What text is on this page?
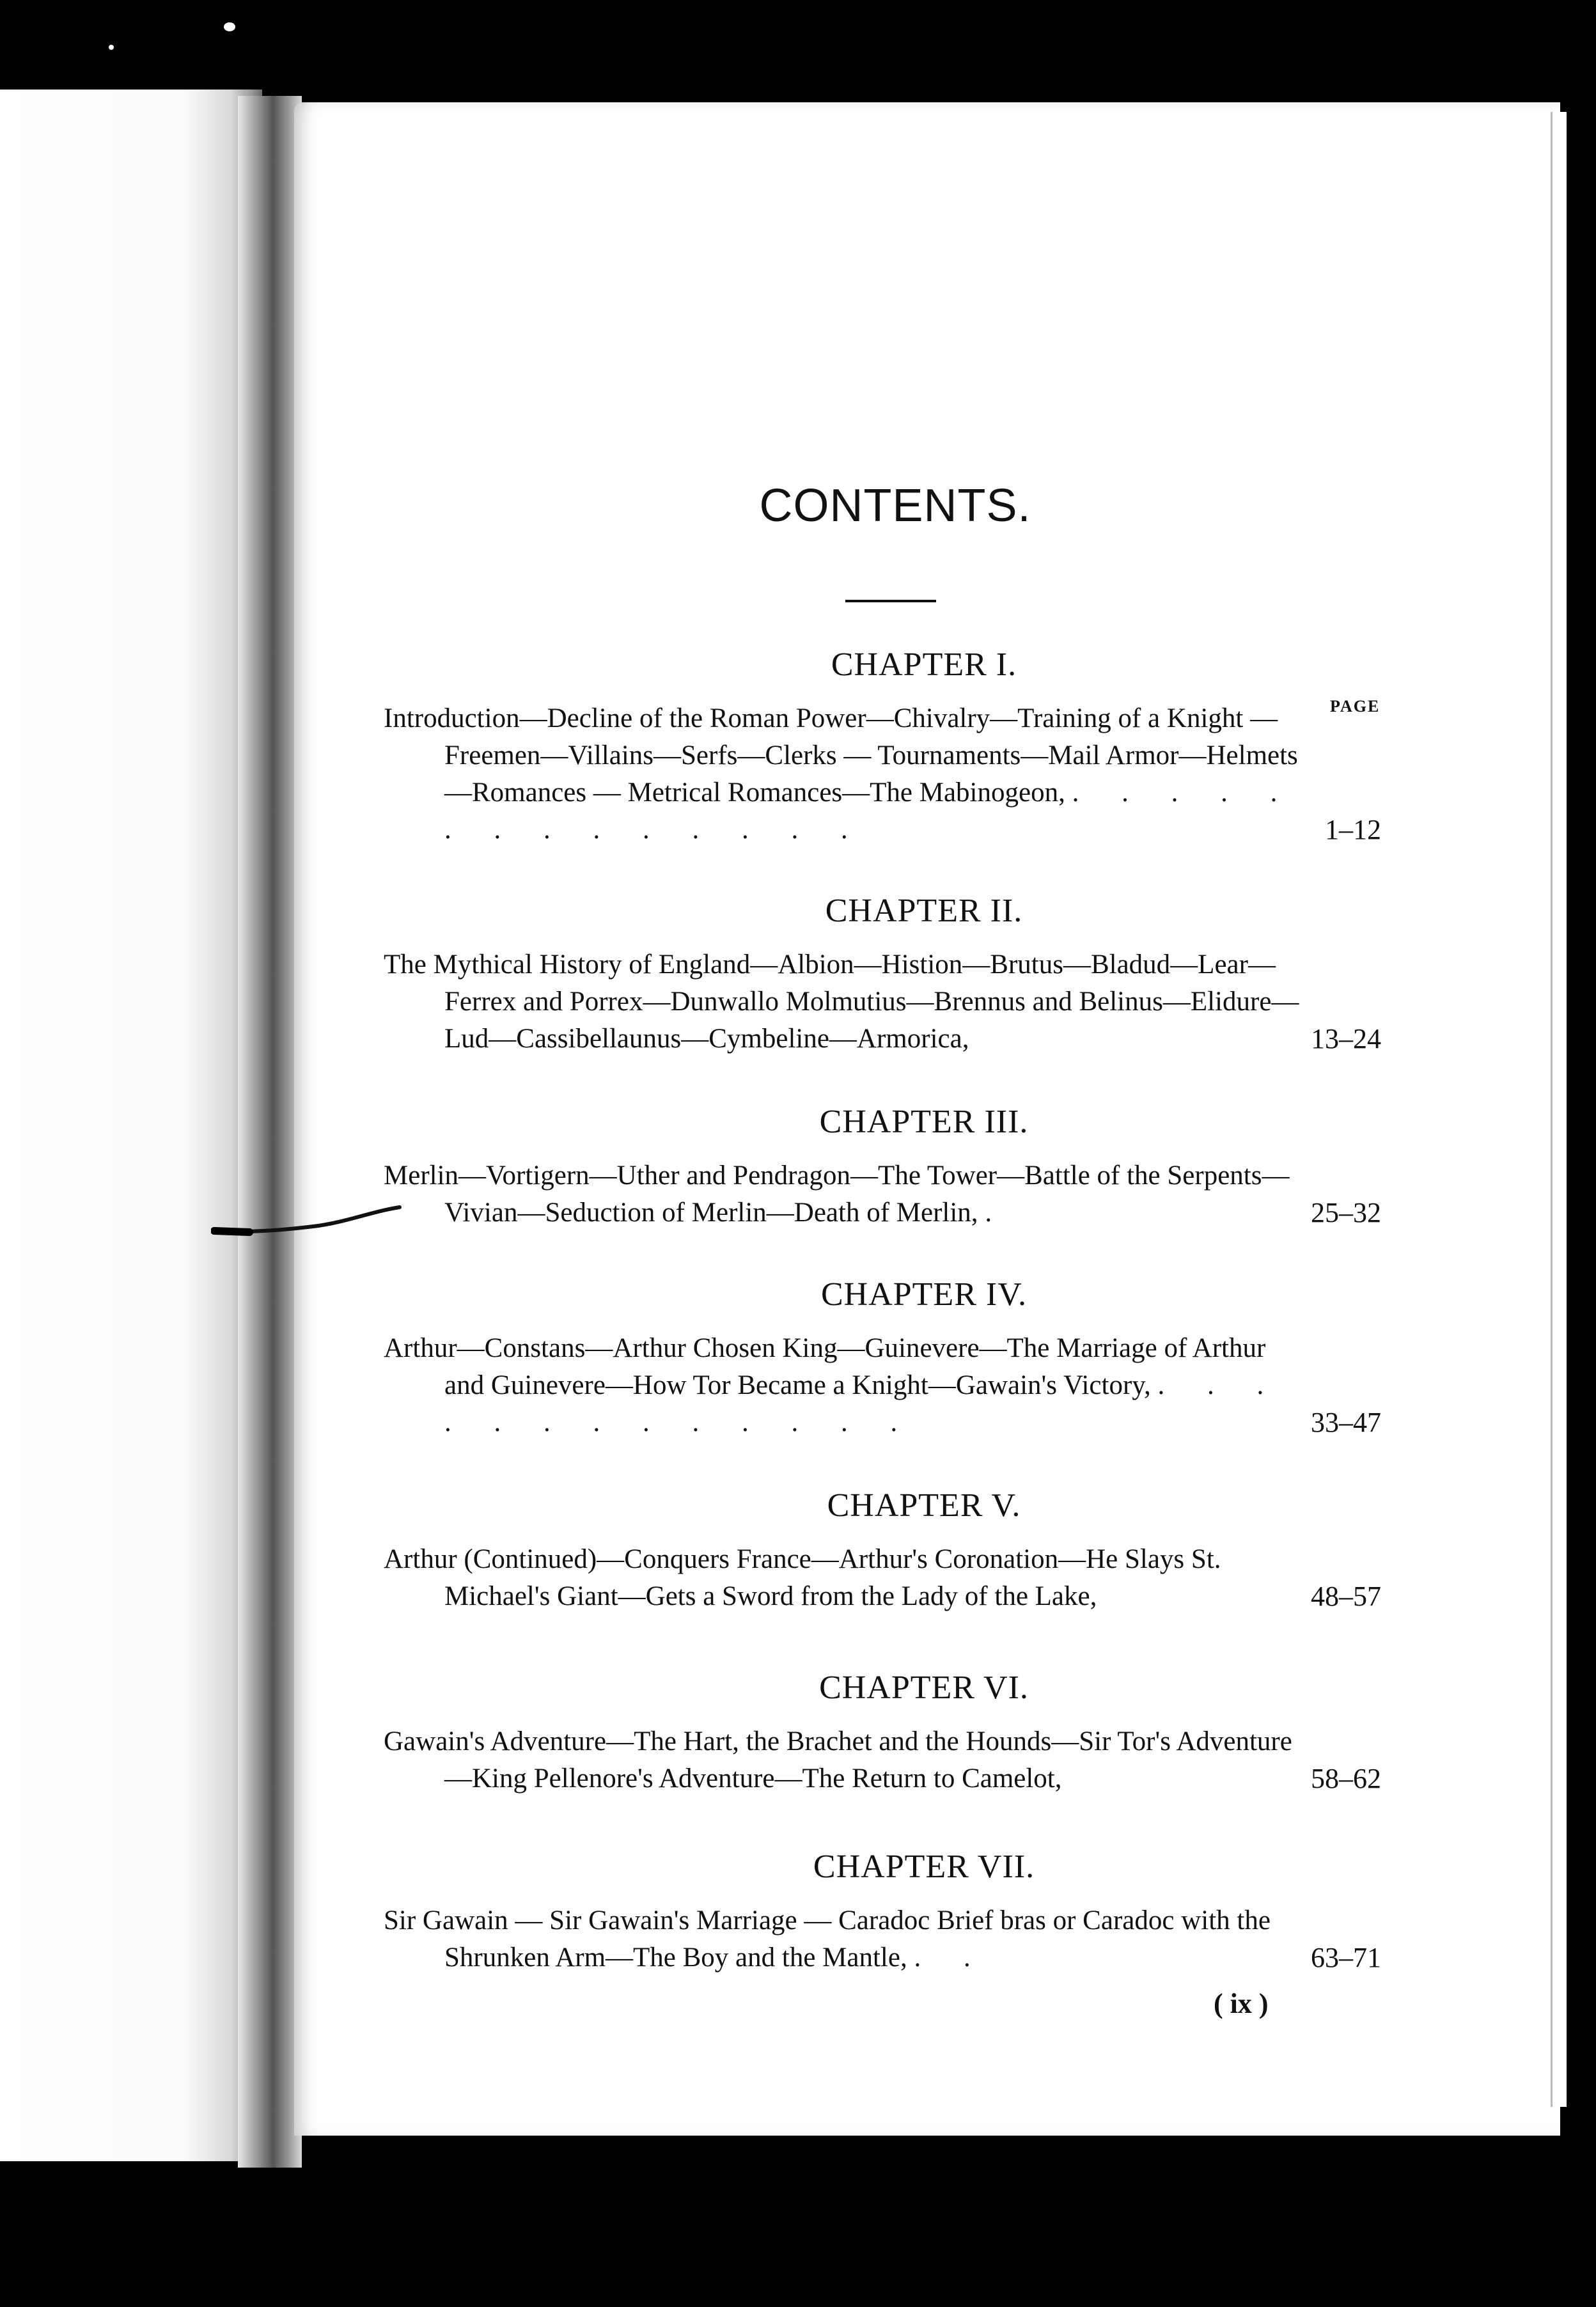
CONTENTS.
PAGE
CHAPTER I.
Introduction—Decline of the Roman Power—Chivalry—Training of a Knight — Freemen—Villains—Serfs—Clerks — Tournaments—Mail Armor—Helmets—Romances — Metrical Romances—The Mabinogeon, . . . . . . . . . . . . . .	1–12
CHAPTER II.
The Mythical History of England—Albion—Histion—Brutus—Bladud—Lear—Ferrex and Porrex—Dunwallo Molmutius—Brennus and Belinus—Elidure—Lud—Cassibellaunus—Cymbeline—Armorica,	13–24
CHAPTER III.
Merlin—Vortigern—Uther and Pendragon—The Tower—Battle of the Serpents—Vivian—Seduction of Merlin—Death of Merlin, .	25–32
CHAPTER IV.
Arthur—Constans—Arthur Chosen King—Guinevere—The Marriage of Arthur and Guinevere—How Tor Became a Knight—Gawain's Victory, . . . . . . . . . . . . .	33–47
CHAPTER V.
Arthur (Continued)—Conquers France—Arthur's Coronation—He Slays St. Michael's Giant—Gets a Sword from the Lady of the Lake,	48–57
CHAPTER VI.
Gawain's Adventure—The Hart, the Brachet and the Hounds—Sir Tor's Adventure—King Pellenore's Adventure—The Return to Camelot,	58–62
CHAPTER VII.
Sir Gawain — Sir Gawain's Marriage — Caradoc Brief bras or Caradoc with the Shrunken Arm—The Boy and the Mantle, . .	63–71
( ix )
